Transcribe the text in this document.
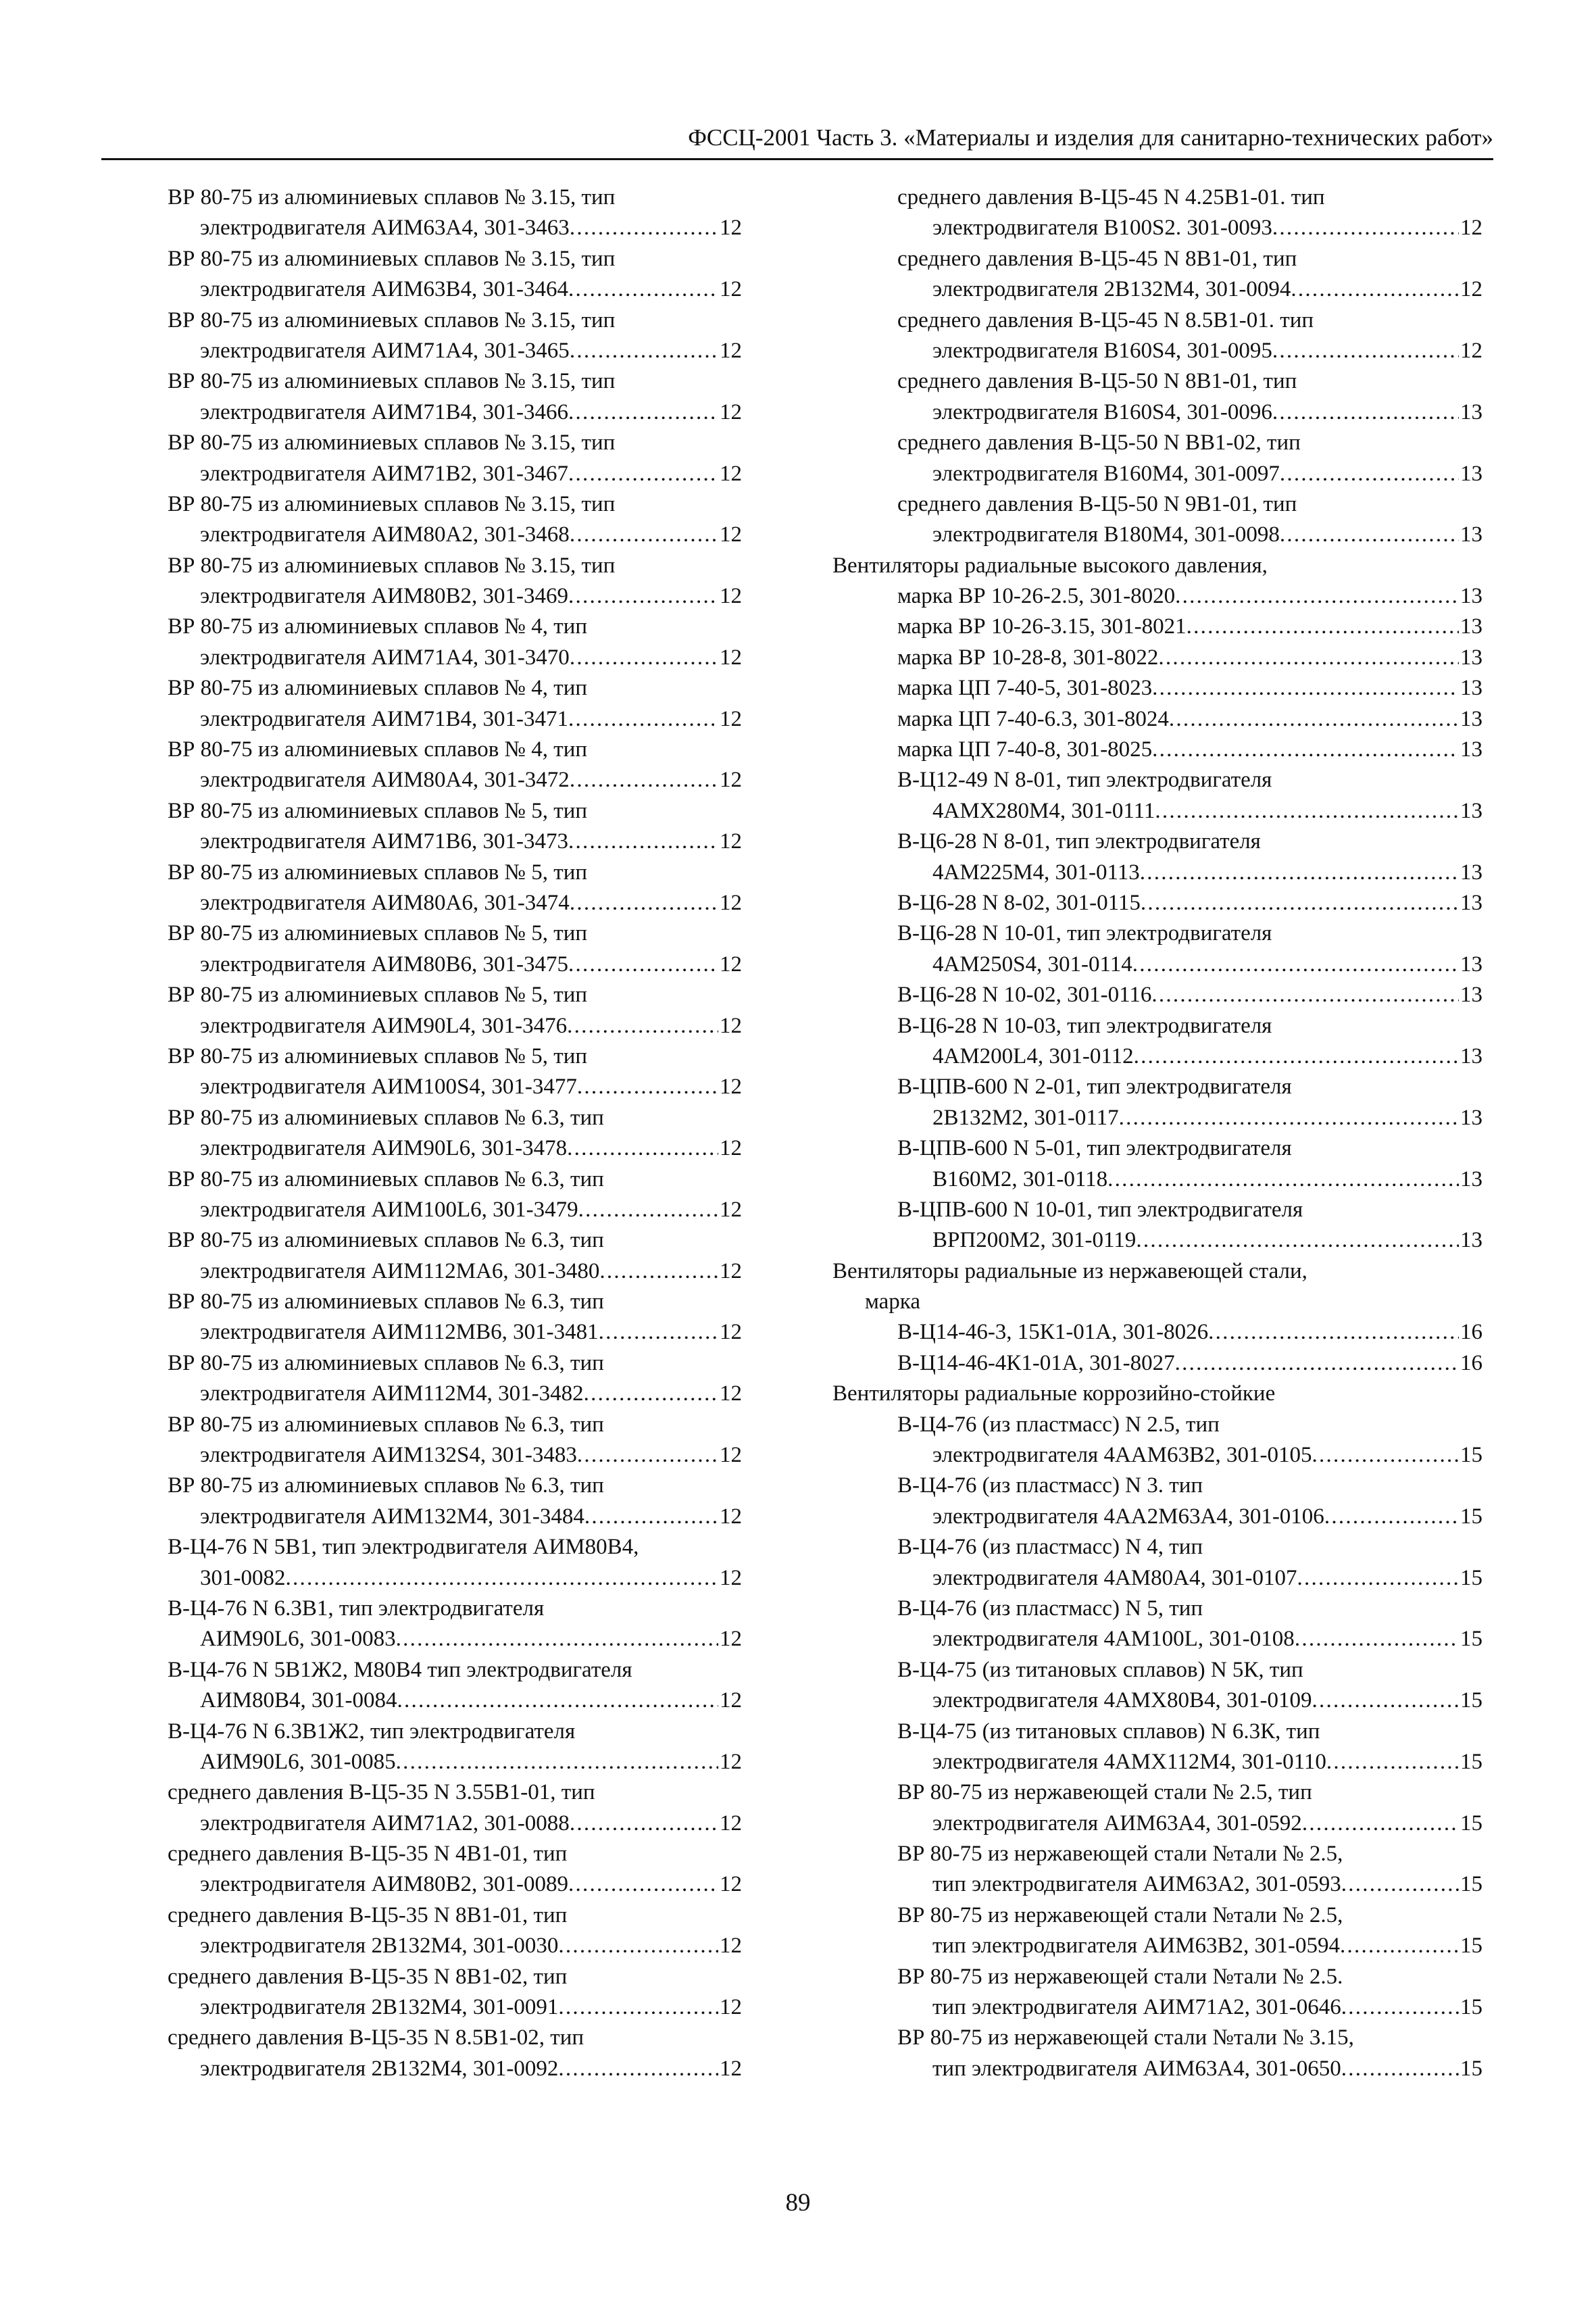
ФССЦ-2001 Часть 3. «Материалы и изделия для санитарно-технических работ»
ВР 80-75 из алюминиевых сплавов № 3.15, тип
электродвигателя АИМ63А4, 301-3463 . . .	12
ВР 80-75 из алюминиевых сплавов № 3.15, тип
электродвигателя АИМ63В4, 301-3464 . . .	12
ВР 80-75 из алюминиевых сплавов № 3.15, тип
электродвигателя АИМ71А4, 301-3465 . . .	12
ВР 80-75 из алюминиевых сплавов № 3.15, тип
электродвигателя АИМ71В4, 301-3466 . . .	12
ВР 80-75 из алюминиевых сплавов № 3.15, тип
электродвигателя АИМ71В2, 301-3467 . . .	12
ВР 80-75 из алюминиевых сплавов № 3.15, тип
электродвигателя АИМ80А2, 301-3468 . . .	12
ВР 80-75 из алюминиевых сплавов № 3.15, тип
электродвигателя АИМ80В2, 301-3469 . . .	12
ВР 80-75 из алюминиевых сплавов № 4, тип
электродвигателя АИМ71А4, 301-3470 . . .	12
ВР 80-75 из алюминиевых сплавов № 4, тип
электродвигателя АИМ71В4, 301-3471 . . .	12
ВР 80-75 из алюминиевых сплавов № 4, тип
электродвигателя АИМ80А4, 301-3472 . . .	12
ВР 80-75 из алюминиевых сплавов № 5, тип
электродвигателя АИМ71В6, 301-3473 . . .	12
ВР 80-75 из алюминиевых сплавов № 5, тип
электродвигателя АИМ80А6, 301-3474 . . .	12
ВР 80-75 из алюминиевых сплавов № 5, тип
электродвигателя АИМ80В6, 301-3475 . . .	12
ВР 80-75 из алюминиевых сплавов № 5, тип
электродвигателя АИМ90L4, 301-3476 . . .	12
ВР 80-75 из алюминиевых сплавов № 5, тип
электродвигателя АИМ100S4, 301-3477 . . .	12
ВР 80-75 из алюминиевых сплавов № 6.3, тип
электродвигателя АИМ90L6, 301-3478 . . .	12
ВР 80-75 из алюминиевых сплавов № 6.3, тип
электродвигателя АИМ100L6, 301-3479 . . .	12
ВР 80-75 из алюминиевых сплавов № 6.3, тип
электродвигателя АИМ112МА6, 301-3480 . . .	12
ВР 80-75 из алюминиевых сплавов № 6.3, тип
электродвигателя АИМ112МВ6, 301-3481 . . .	12
ВР 80-75 из алюминиевых сплавов № 6.3, тип
электродвигателя АИМ112М4, 301-3482 . . .	12
ВР 80-75 из алюминиевых сплавов № 6.3, тип
электродвигателя АИМ132S4, 301-3483 . . .	12
ВР 80-75 из алюминиевых сплавов № 6.3, тип
электродвигателя АИМ132М4, 301-3484 . . .	12
В-Ц4-76 N 5В1, тип электродвигателя АИМ80В4,
301-0082 . . .	12
В-Ц4-76 N 6.3В1, тип электродвигателя
АИМ90L6, 301-0083 . . .	12
В-Ц4-76 N 5В1Ж2, М80В4 тип электродвигателя
АИМ80В4, 301-0084 . . .	12
В-Ц4-76 N 6.3В1Ж2, тип электродвигателя
АИМ90L6, 301-0085 . . .	12
среднего давления В-Ц5-35 N 3.55В1-01, тип
электродвигателя АИМ71А2, 301-0088 . . .	12
среднего давления В-Ц5-35 N 4В1-01, тип
электродвигателя АИМ80В2, 301-0089 . . .	12
среднего давления В-Ц5-35 N 8В1-01, тип
электродвигателя 2В132М4, 301-0030 . . .	12
среднего давления В-Ц5-35 N 8В1-02, тип
электродвигателя 2В132М4, 301-0091 . . .	12
среднего давления В-Ц5-35 N 8.5В1-02, тип
электродвигателя 2В132М4, 301-0092 . . .	12
среднего давления В-Ц5-45 N 4.25В1-01. тип
электродвигателя В100S2. 301-0093 . . .	12
среднего давления В-Ц5-45 N 8В1-01, тип
электродвигателя 2В132М4, 301-0094 . . .	12
среднего давления В-Ц5-45 N 8.5В1-01. тип
электродвигателя В160S4, 301-0095 . . .	12
среднего давления В-Ц5-50 N 8В1-01, тип
электродвигателя В160S4, 301-0096 . . .	13
среднего давления В-Ц5-50 N ВВ1-02, тип
электродвигателя В160М4, 301-0097 . . .	13
среднего давления В-Ц5-50 N 9В1-01, тип
электродвигателя В180М4, 301-0098 . . .	13
Вентиляторы радиальные высокого давления,
марка ВР 10-26-2.5, 301-8020 . . .	13
марка ВР 10-26-3.15, 301-8021 . . .	13
марка ВР 10-28-8, 301-8022 . . .	13
марка ЦП 7-40-5, 301-8023 . . .	13
марка ЦП 7-40-6.3, 301-8024 . . .	13
марка ЦП 7-40-8, 301-8025 . . .	13
В-Ц12-49 N 8-01, тип электродвигателя
4АМХ280М4, 301-0111 . . .	13
В-Ц6-28 N 8-01, тип электродвигателя
4АМ225М4, 301-0113 . . .	13
В-Ц6-28 N 8-02, 301-0115 . . .	13
В-Ц6-28 N 10-01, тип электродвигателя
4АМ250S4, 301-0114 . . .	13
В-Ц6-28 N 10-02, 301-0116 . . .	13
В-Ц6-28 N 10-03, тип электродвигателя
4АМ200L4, 301-0112 . . .	13
В-ЦПВ-600 N 2-01, тип электродвигателя
2В132М2, 301-0117 . . .	13
В-ЦПВ-600 N 5-01, тип электродвигателя
В160М2, 301-0118 . . .	13
В-ЦПВ-600 N 10-01, тип электродвигателя
ВРП200М2, 301-0119 . . .	13
Вентиляторы радиальные из нержавеющей стали,
марка
В-Ц14-46-3, 15К1-01А, 301-8026 . . .	16
В-Ц14-46-4К1-01А, 301-8027 . . .	16
Вентиляторы радиальные коррозийно-стойкие
В-Ц4-76 (из пластмасс) N 2.5, тип
электродвигателя 4ААМ63В2, 301-0105 . . .	15
В-Ц4-76 (из пластмасс) N 3. тип
электродвигателя 4АА2М63А4, 301-0106 . . .	15
В-Ц4-76 (из пластмасс) N 4, тип
электродвигателя 4АМ80А4, 301-0107 . . .	15
В-Ц4-76 (из пластмасс) N 5, тип
электродвигателя 4АМ100L, 301-0108 . . .	15
В-Ц4-75 (из титановых сплавов) N 5К, тип
электродвигателя 4АМХ80В4, 301-0109 . . .	15
В-Ц4-75 (из титановых сплавов) N 6.3К, тип
электродвигателя 4АМХ112М4, 301-0110 . . .	15
ВР 80-75 из нержавеющей стали № 2.5, тип
электродвигателя АИМ63А4, 301-0592 . . .	15
ВР 80-75 из нержавеющей стали №тали № 2.5,
тип электродвигателя АИМ63А2, 301-0593 . . .	15
ВР 80-75 из нержавеющей стали №тали № 2.5,
тип электродвигателя АИМ63В2, 301-0594 . . .	15
ВР 80-75 из нержавеющей стали №тали № 2.5.
тип электродвигателя АИМ71А2, 301-0646 . . .	15
ВР 80-75 из нержавеющей стали №тали № 3.15,
тип электродвигателя АИМ63А4, 301-0650 . . .	15
89
